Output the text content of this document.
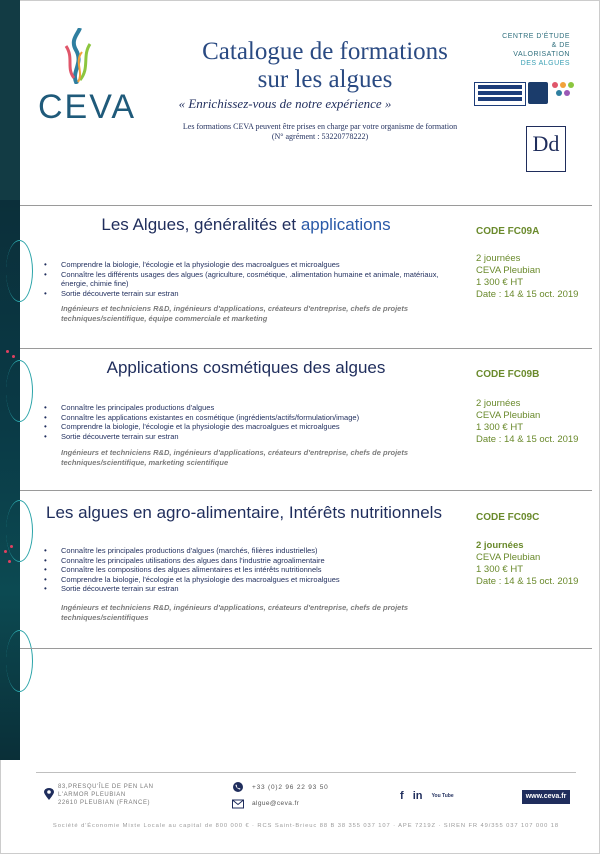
CEVA
Catalogue de formations
sur les algues
« Enrichissez-vous de notre expérience »
Les formations CEVA peuvent être prises en charge par votre organisme de formation
(N° agrément : 53220778222)
CENTRE D'ÉTUDE
& DE VALORISATION
DES ALGUES
Dd
Les Algues, généralités et applications
• Comprendre la biologie, l'écologie et la physiologie des macroalgues et microalgues
• Connaître les différents usages des algues (agriculture, cosmétique, .alimentation humaine et animale, matériaux, énergie, chimie fine)
• Sortie découverte terrain sur estran
Ingénieurs et techniciens R&D, ingénieurs d'applications, créateurs d'entreprise, chefs de projets techniques/scientifique, équipe commerciale et marketing
CODE FC09A
2 journées
CEVA Pleubian
1 300 € HT
Date : 14 & 15 oct. 2019
Applications cosmétiques des algues
• Connaître les principales productions d'algues
• Connaître les applications existantes en cosmétique (ingrédients/actifs/formulation/image)
• Comprendre la biologie, l'écologie et la physiologie des macroalgues et microalgues
• Sortie découverte terrain sur estran
Ingénieurs et techniciens R&D, ingénieurs d'applications, créateurs d'entreprise, chefs de projets techniques/scientifique, marketing scientifique
CODE FC09B
2 journées
CEVA Pleubian
1 300 € HT
Date : 14 & 15 oct. 2019
Les algues en agro-alimentaire, Intérêts nutritionnels
• Connaître les principales productions d'algues (marchés, filières industrielles)
• Connaître les principales utilisations des algues dans l'industrie agroalimentaire
• Connaître les compositions des algues alimentaires et les intérêts nutritionnels
• Comprendre la biologie, l'écologie et la physiologie des macroalgues et microalgues
• Sortie découverte terrain sur estran
Ingénieurs et techniciens R&D, ingénieurs d'applications, créateurs d'entreprise, chefs de projets techniques/scientifiques
CODE FC09C
2 journées
CEVA Pleubian
1 300 € HT
Date : 14 & 15 oct. 2019
83,PRESQU'ÎLE DE PEN LAN
L'ARMOR PLEUBIAN
22610 PLEUBIAN (FRANCE)
+33 (0)2 96 22 93 50
algue@ceva.fr
f in You Tube	www.ceva.fr
Société d'Économie Mixte Locale au capital de 800 000 € · RCS Saint-Brieuc 88 B 38 355 037 107 · APE 7219Z · SIREN FR 49/355 037 107 000 18
